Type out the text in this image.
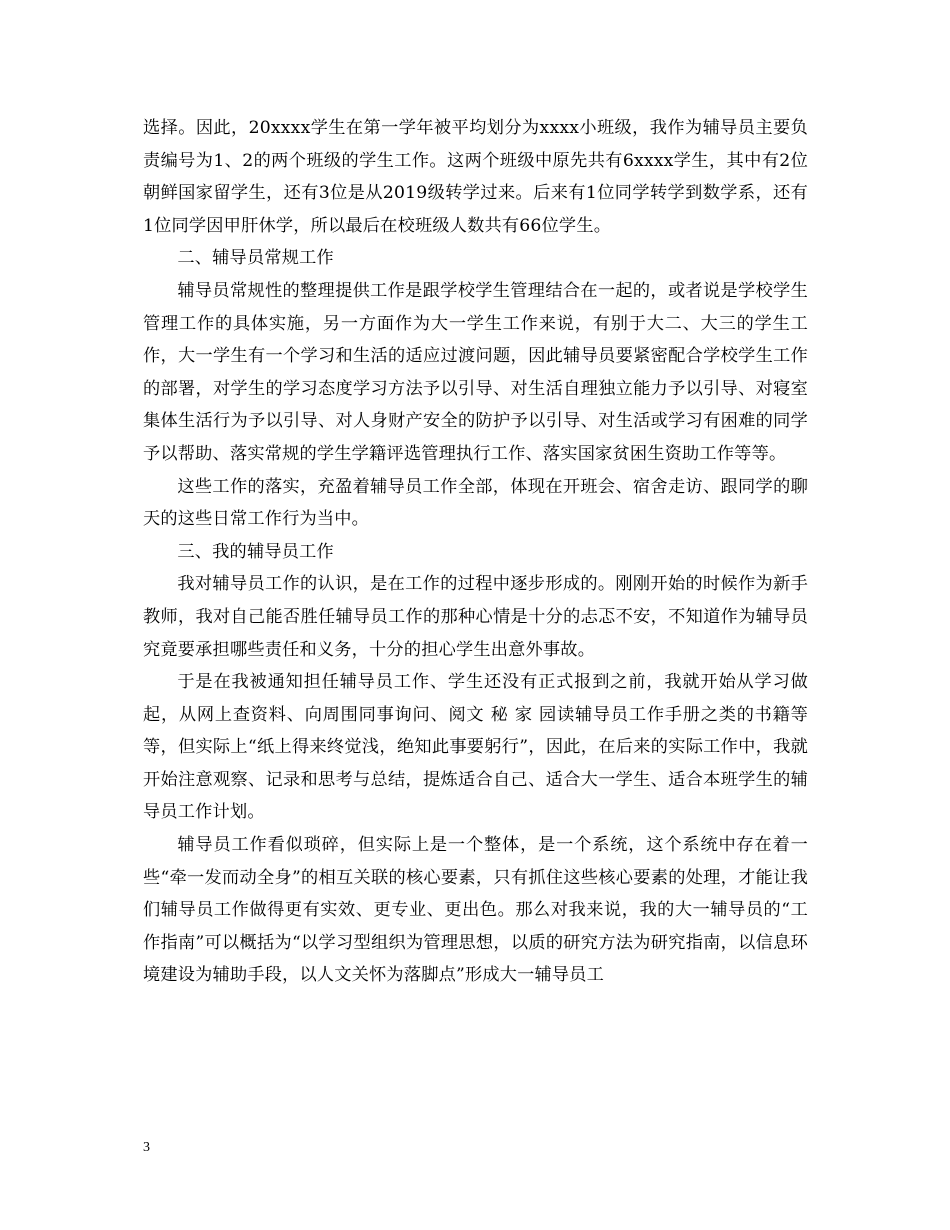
选择。因此，20xxxx学生在第一学年被平均划分为xxxx小班级，我作为辅导员主要负责编号为1、2的两个班级的学生工作。这两个班级中原先共有6xxxx学生，其中有2位朝鲜国家留学生，还有3位是从2019级转学过来。后来有1位同学转学到数学系，还有1位同学因甲肝休学，所以最后在校班级人数共有66位学生。

二、辅导员常规工作

辅导员常规性的整理提供工作是跟学校学生管理结合在一起的，或者说是学校学生管理工作的具体实施，另一方面作为大一学生工作来说，有别于大二、大三的学生工作，大一学生有一个学习和生活的适应过渡问题，因此辅导员要紧密配合学校学生工作的部署，对学生的学习态度学习方法予以引导、对生活自理独立能力予以引导、对寝室集体生活行为予以引导、对人身财产安全的防护予以引导、对生活或学习有困难的同学予以帮助、落实常规的学生学籍评选管理执行工作、落实国家贫困生资助工作等等。

这些工作的落实，充盈着辅导员工作全部，体现在开班会、宿舍走访、跟同学的聊天的这些日常工作行为当中。

三、我的辅导员工作

我对辅导员工作的认识，是在工作的过程中逐步形成的。刚刚开始的时候作为新手教师，我对自己能否胜任辅导员工作的那种心情是十分的忐忑不安，不知道作为辅导员究竟要承担哪些责任和义务，十分的担心学生出意外事故。

于是在我被通知担任辅导员工作、学生还没有正式报到之前，我就开始从学习做起，从网上查资料、向周围同事询问、阅文 秘 家 园读辅导员工作手册之类的书籍等等，但实际上“纸上得来终觉浅，绝知此事要躬行”，因此，在后来的实际工作中，我就开始注意观察、记录和思考与总结，提炼适合自己、适合大一学生、适合本班学生的辅导员工作计划。

辅导员工作看似琐碎，但实际上是一个整体，是一个系统，这个系统中存在着一些“牵一发而动全身”的相互关联的核心要素，只有抓住这些核心要素的处理，才能让我们辅导员工作做得更有实效、更专业、更出色。那么对我来说，我的大一辅导员的“工作指南”可以概括为“以学习型组织为管理思想，以质的研究方法为研究指南，以信息环境建设为辅助手段，以人文关怀为落脚点”形成大一辅导员工

3
